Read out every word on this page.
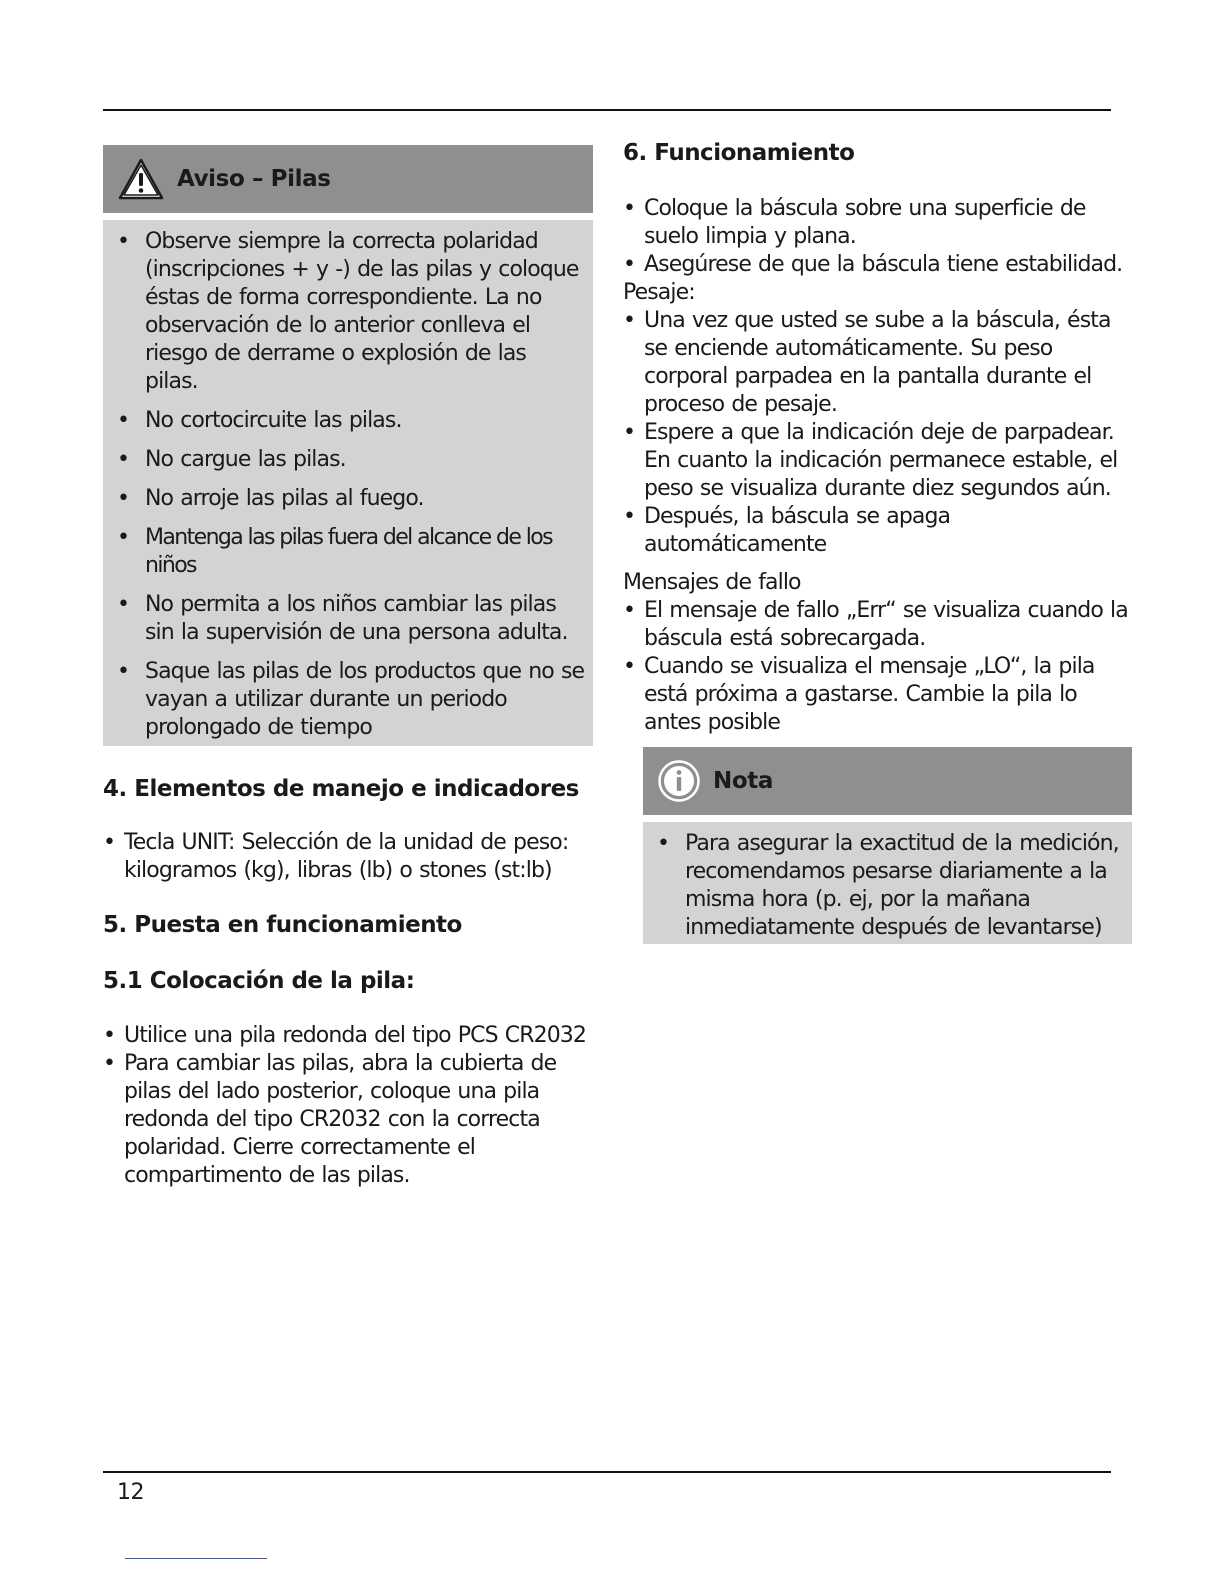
Aviso – Pilas
• Observe siempre la correcta polaridad (inscripciones + y -) de las pilas y coloque éstas de forma correspondiente. La no observación de lo anterior conlleva el riesgo de derrame o explosión de las pilas.
• No cortocircuite las pilas.
• No cargue las pilas.
• No arroje las pilas al fuego.
• Mantenga las pilas fuera del alcance de los niños
• No permita a los niños cambiar las pilas sin la supervisión de una persona adulta.
• Saque las pilas de los productos que no se vayan a utilizar durante un periodo prolongado de tiempo
4. Elementos de manejo e indicadores
• Tecla UNIT: Selección de la unidad de peso: kilogramos (kg), libras (lb) o stones (st:lb)
5. Puesta en funcionamiento
5.1 Colocación de la pila:
• Utilice una pila redonda del tipo PCS CR2032
• Para cambiar las pilas, abra la cubierta de pilas del lado posterior, coloque una pila redonda del tipo CR2032 con la correcta polaridad. Cierre correctamente el compartimento de las pilas.
6. Funcionamiento
• Coloque la báscula sobre una superficie de suelo limpia y plana.
• Asegúrese de que la báscula tiene estabilidad.
Pesaje:
• Una vez que usted se sube a la báscula, ésta se enciende automáticamente. Su peso corporal parpadea en la pantalla durante el proceso de pesaje.
• Espere a que la indicación deje de parpadear. En cuanto la indicación permanece estable, el peso se visualiza durante diez segundos aún.
• Después, la báscula se apaga automáticamente
Mensajes de fallo
• El mensaje de fallo „Err“ se visualiza cuando la báscula está sobrecargada.
• Cuando se visualiza el mensaje „LO“, la pila está próxima a gastarse. Cambie la pila lo antes posible
Nota
• Para asegurar la exactitud de la medición, recomendamos pesarse diariamente a la misma hora (p. ej, por la mañana inmediatamente después de levantarse)
12
